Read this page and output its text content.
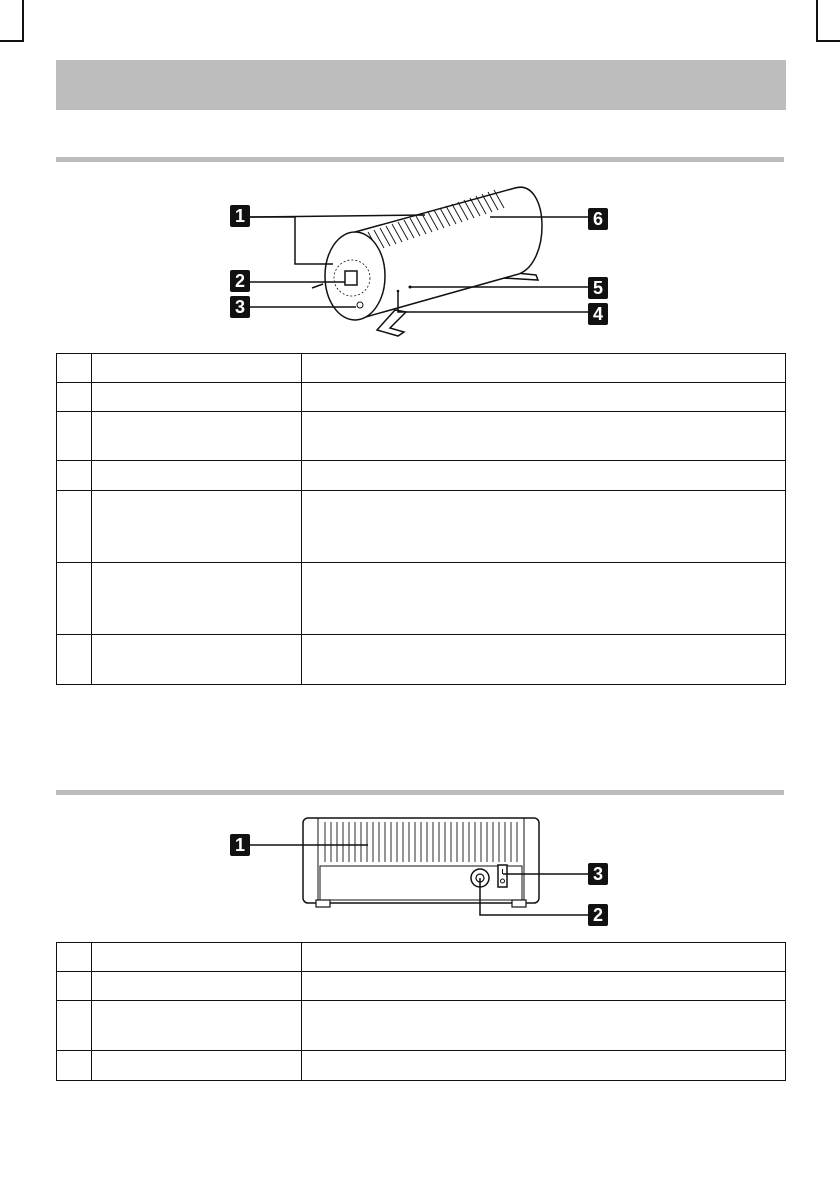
1
2
3	4
5
6

1
2
3
